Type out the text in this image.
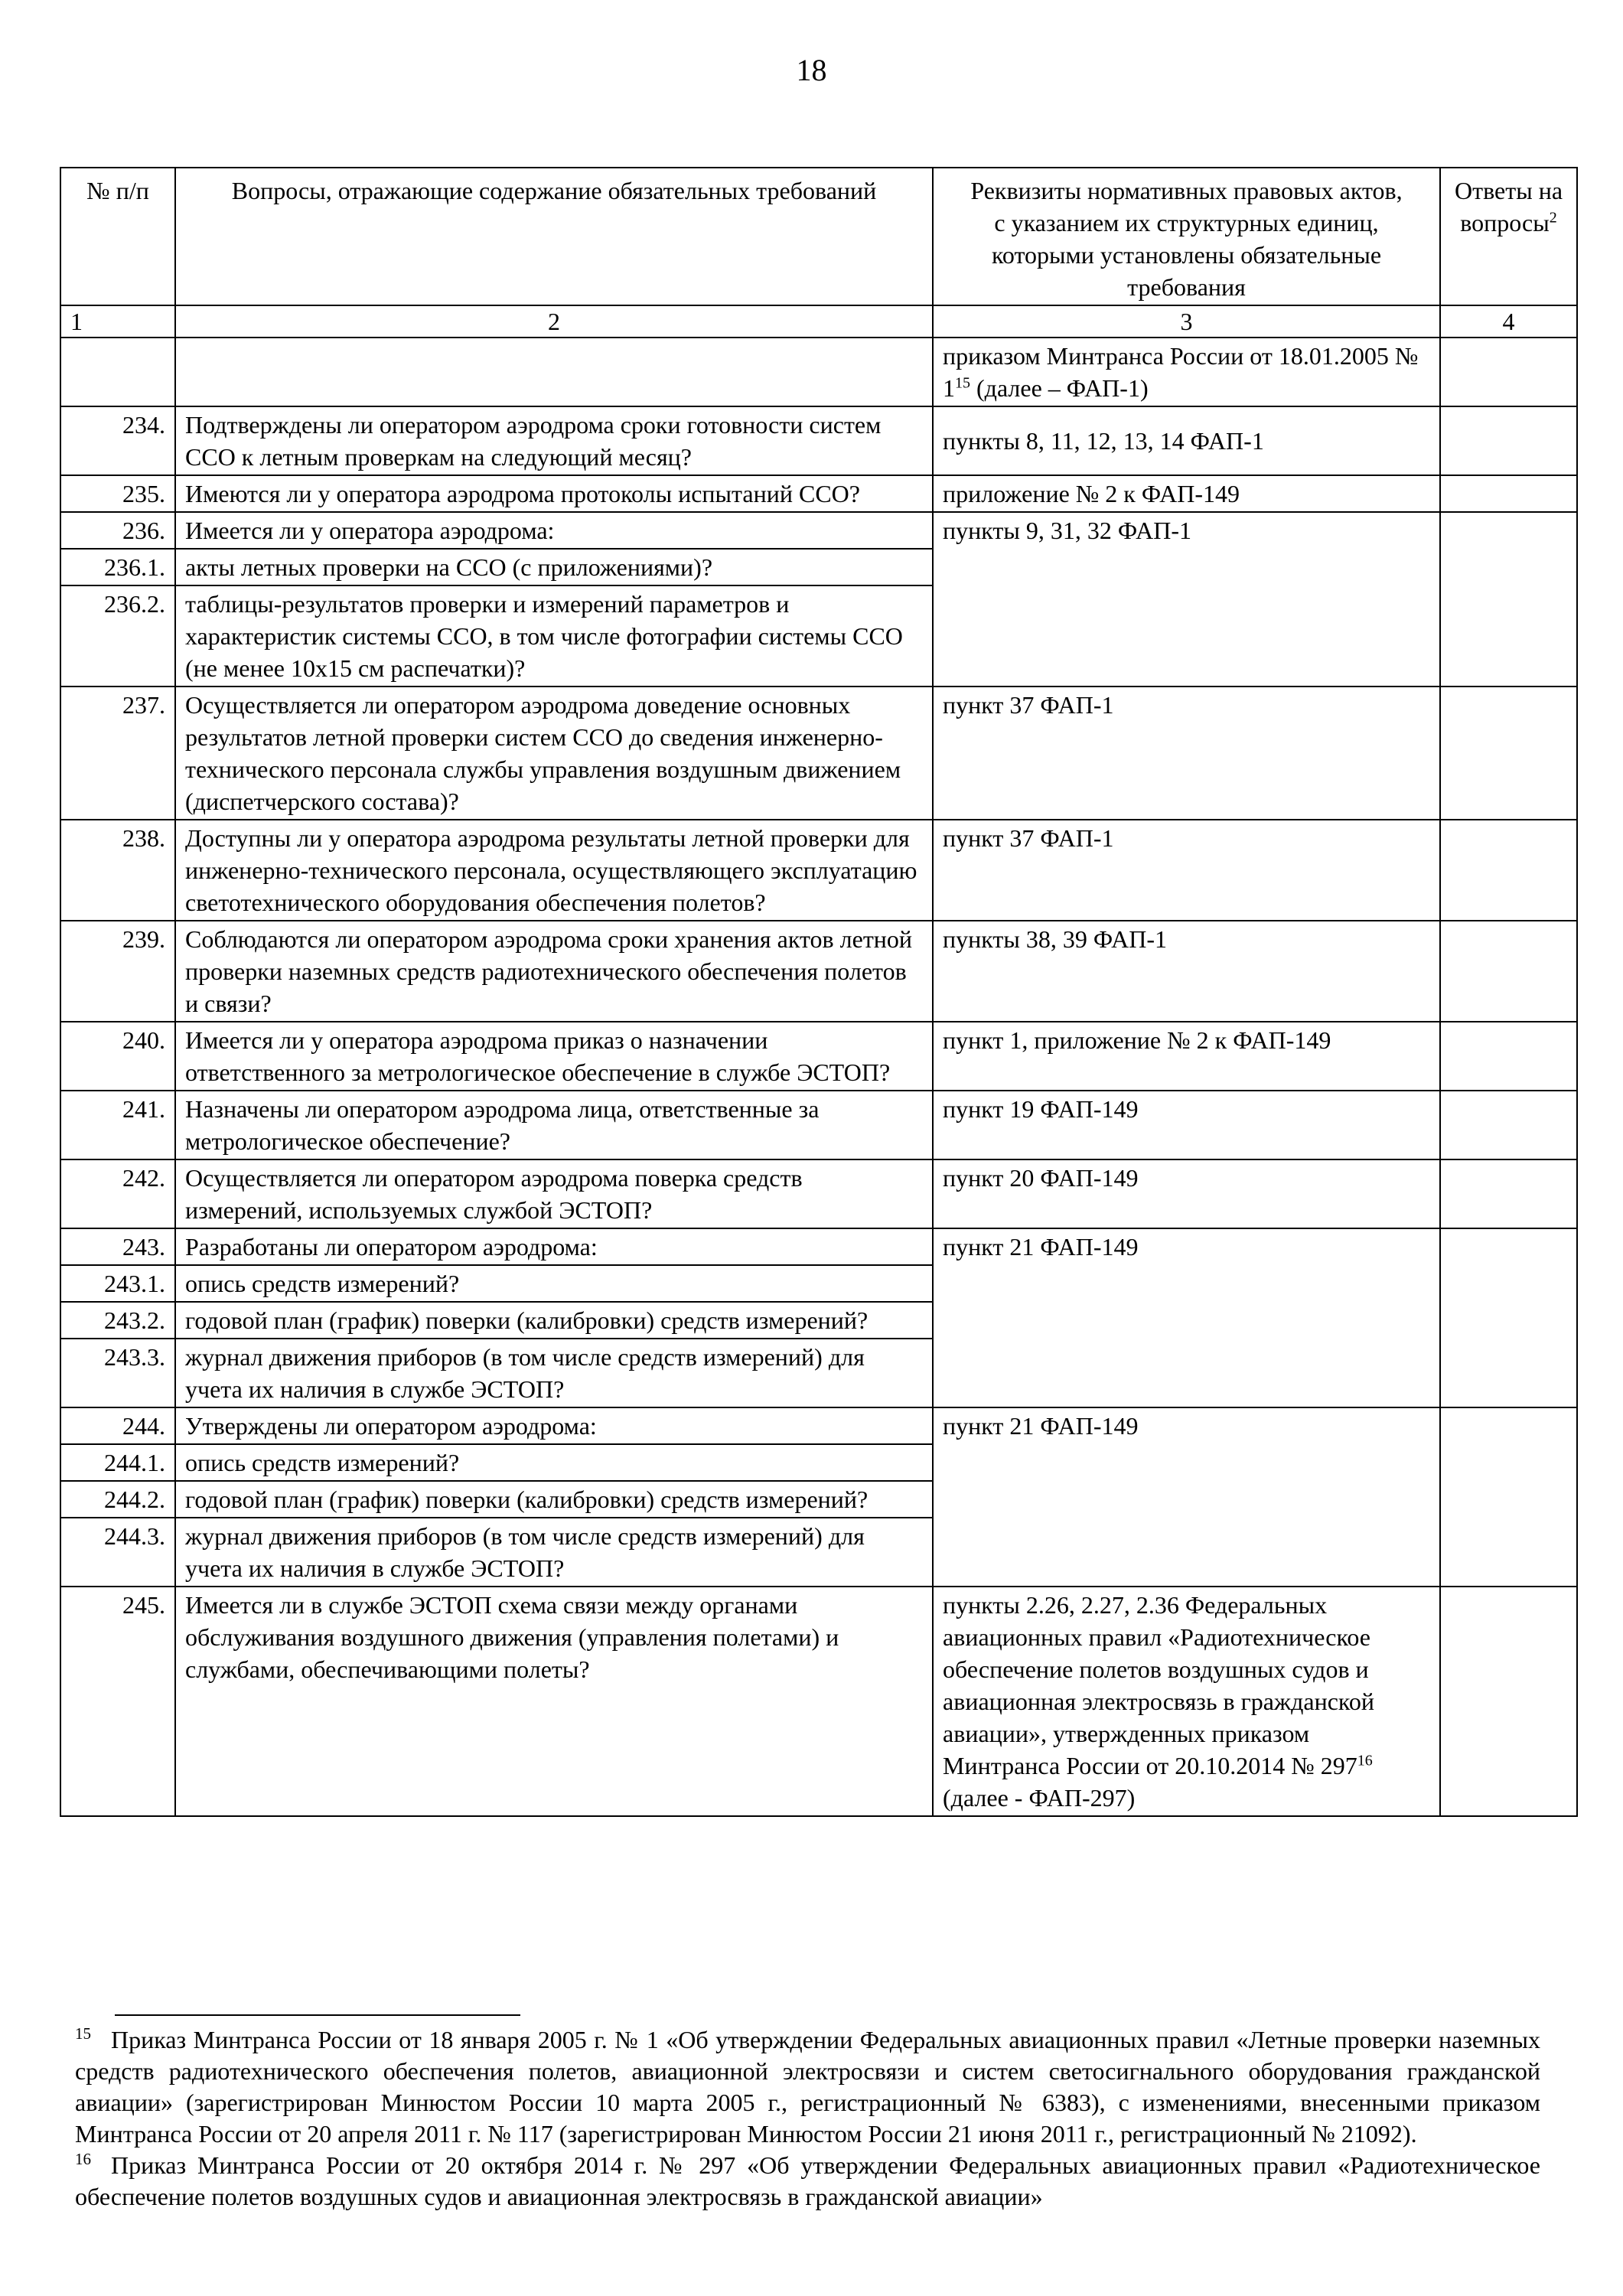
18
№ п/п	Вопросы, отражающие содержание обязательных требований	Реквизиты нормативных правовых актов, с указанием их структурных единиц, которыми установлены обязательные требования	Ответы на вопросы$^2$
1	2	3	4
		приказом Минтранса России от 18.01.2005 № $1^{15}$ (далее – ФАП-1)	
234.	Подтверждены ли оператором аэродрома сроки готовности систем ССО к летным проверкам на следующий месяц?	пункты 8, 11, 12, 13, 14 ФАП-1	
235.	Имеются ли у оператора аэродрома протоколы испытаний ССО?	приложение № 2 к ФАП-149	
236.	Имеется ли у оператора аэродрома:	пункты 9, 31, 32 ФАП-1	
236.1.	акты летных проверки на ССО (с приложениями)?		
236.2.	таблицы-результатов проверки и измерений параметров и характеристик системы ССО, в том числе фотографии системы ССО (не менее 10х15 см распечатки)?		
237.	Осуществляется ли оператором аэродрома доведение основных результатов летной проверки систем ССО до сведения инженерно-технического персонала службы управления воздушным движением (диспетчерского состава)?	пункт 37 ФАП-1	
238.	Доступны ли у оператора аэродрома результаты летной проверки для инженерно-технического персонала, осуществляющего эксплуатацию светотехнического оборудования обеспечения полетов?	пункт 37 ФАП-1	
239.	Соблюдаются ли оператором аэродрома сроки хранения актов летной проверки наземных средств радиотехнического обеспечения полетов и связи?	пункты 38, 39 ФАП-1	
240.	Имеется ли у оператора аэродрома приказ о назначении ответственного за метрологическое обеспечение в службе ЭСТОП?	пункт 1, приложение № 2 к ФАП-149	
241.	Назначены ли оператором аэродрома лица, ответственные за метрологическое обеспечение?	пункт 19 ФАП-149	
242.	Осуществляется ли оператором аэродрома поверка средств измерений, используемых службой ЭСТОП?	пункт 20 ФАП-149	
243.	Разработаны ли оператором аэродрома:	пункт 21 ФАП-149	
243.1.	опись средств измерений?		
243.2.	годовой план (график) поверки (калибровки) средств измерений?		
243.3.	журнал движения приборов (в том числе средств измерений) для учета их наличия в службе ЭСТОП?		
244.	Утверждены ли оператором аэродрома:	пункт 21 ФАП-149	
244.1.	опись средств измерений?		
244.2.	годовой план (график) поверки (калибровки) средств измерений?		
244.3.	журнал движения приборов (в том числе средств измерений) для учета их наличия в службе ЭСТОП?		
245.	Имеется ли в службе ЭСТОП схема связи между органами обслуживания воздушного движения (управления полетами) и службами, обеспечивающими полеты?	пункты 2.26, 2.27, 2.36 Федеральных авиационных правил «Радиотехническое обеспечение полетов воздушных судов и авиационная электросвязь в гражданской авиации», утвержденных приказом Минтранса России от 20.10.2014 № $297^{16}$ (далее - ФАП-297)	

$^{15}$ Приказ Минтранса России от 18 января 2005 г. № 1 «Об утверждении Федеральных авиационных правил «Летные проверки наземных средств радиотехнического обеспечения полетов, авиационной электросвязи и систем светосигнального оборудования гражданской авиации» (зарегистрирован Минюстом России 10 марта 2005 г., регистрационный № 6383), с изменениями, внесенными приказом Минтранса России от 20 апреля 2011 г. № 117 (зарегистрирован Минюстом России 21 июня 2011 г., регистрационный № 21092).

$^{16}$ Приказ Минтранса России от 20 октября 2014 г. № 297 «Об утверждении Федеральных авиационных правил «Радиотехническое обеспечение полетов воздушных судов и авиационная электросвязь в гражданской авиации»
